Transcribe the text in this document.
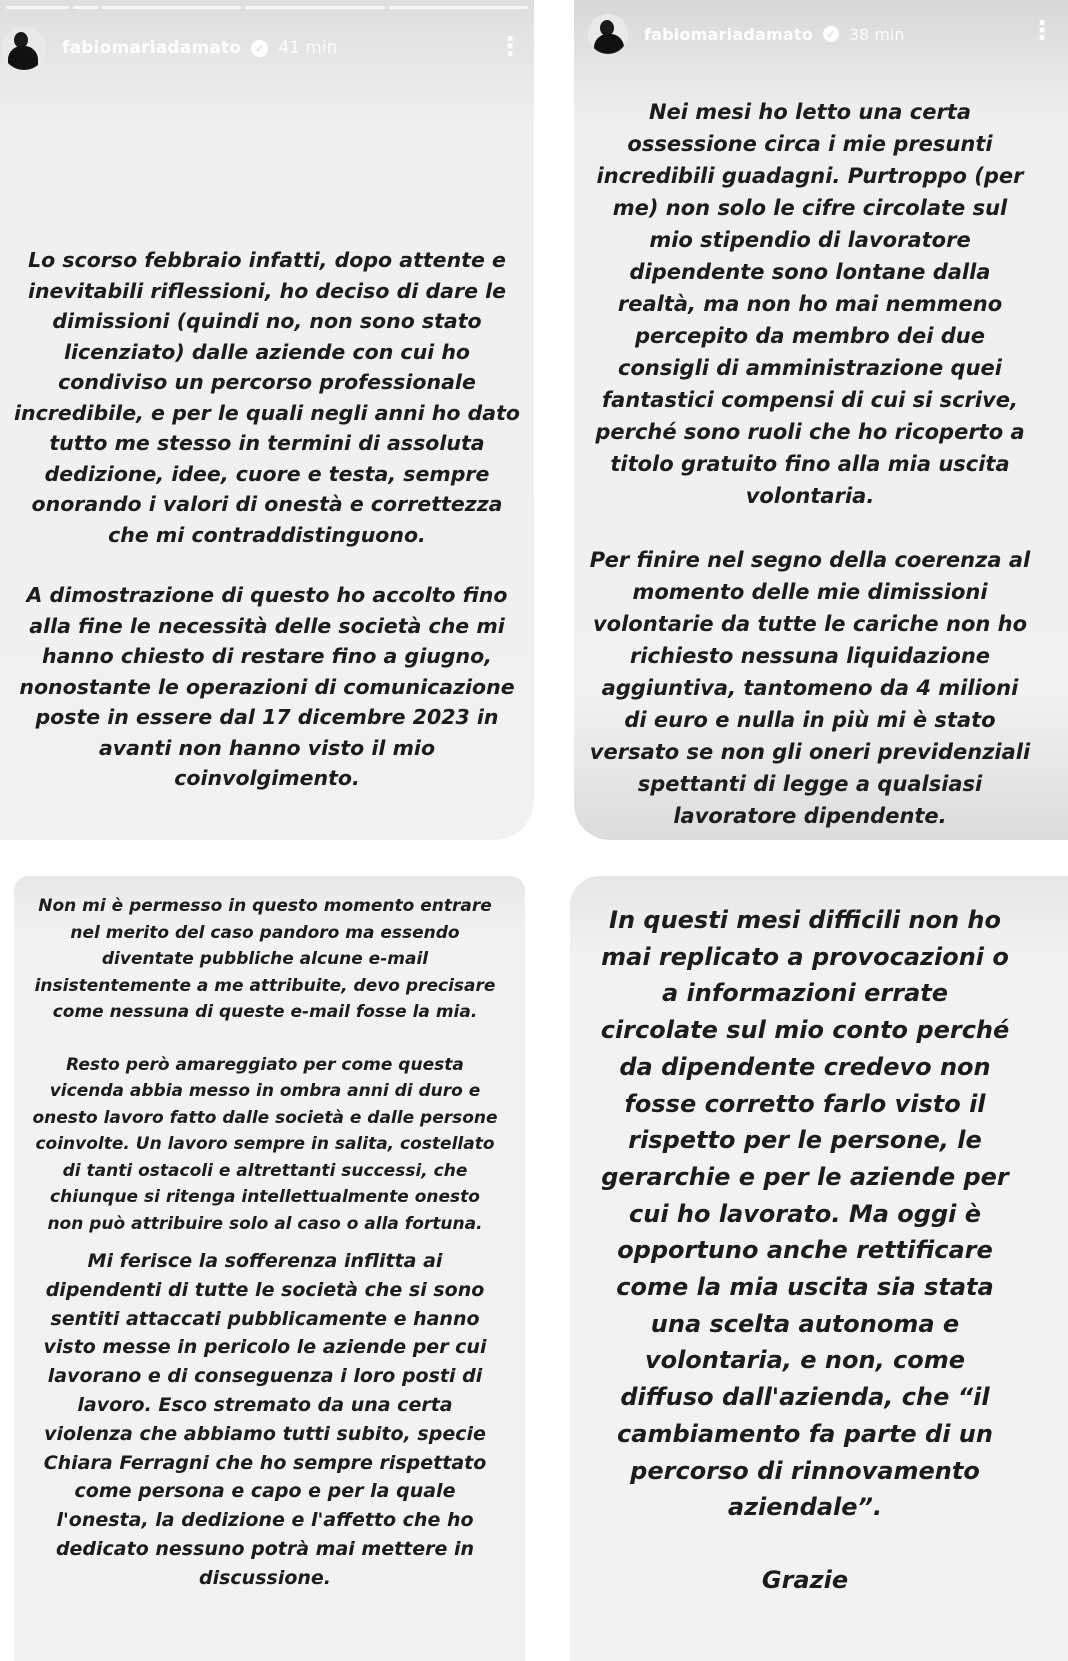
fabiomariadamato	✓ 41 min	⋮

Lo scorso febbraio infatti, dopo attente e inevitabili riflessioni, ho deciso di dare le dimissioni (quindi no, non sono stato licenziato) dalle aziende con cui ho condiviso un percorso professionale incredibile, e per le quali negli anni ho dato tutto me stesso in termini di assoluta dedizione, idee, cuore e testa, sempre onorando i valori di onestà e correttezza che mi contraddistinguono.

A dimostrazione di questo ho accolto fino alla fine le necessità delle società che mi hanno chiesto di restare fino a giugno, nonostante le operazioni di comunicazione poste in essere dal 17 dicembre 2023 in avanti non hanno visto il mio coinvolgimento.

fabiomariadamato	✓ 38 min	⋮

Nei mesi ho letto una certa ossessione circa i mie presunti incredibili guadagni. Purtroppo (per me) non solo le cifre circolate sul mio stipendio di lavoratore dipendente sono lontane dalla realtà, ma non ho mai nemmeno percepito da membro dei due consigli di amministrazione quei fantastici compensi di cui si scrive, perché sono ruoli che ho ricoperto a titolo gratuito fino alla mia uscita volontaria.

Per finire nel segno della coerenza al momento delle mie dimissioni volontarie da tutte le cariche non ho richiesto nessuna liquidazione aggiuntiva, tantomeno da 4 milioni di euro e nulla in più mi è stato versato se non gli oneri previdenziali spettanti di legge a qualsiasi lavoratore dipendente.

Non mi è permesso in questo momento entrare nel merito del caso pandoro ma essendo diventate pubbliche alcune e-mail insistentemente a me attribuite, devo precisare come nessuna di queste e-mail fosse la mia.

Resto però amareggiato per come questa vicenda abbia messo in ombra anni di duro e onesto lavoro fatto dalle società e dalle persone coinvolte. Un lavoro sempre in salita, costellato di tanti ostacoli e altrettanti successi, che chiunque si ritenga intellettualmente onesto non può attribuire solo al caso o alla fortuna.

Mi ferisce la sofferenza inflitta ai dipendenti di tutte le società che si sono sentiti attaccati pubblicamente e hanno visto messe in pericolo le aziende per cui lavorano e di conseguenza i loro posti di lavoro. Esco stremato da una certa violenza che abbiamo tutti subito, specie Chiara Ferragni che ho sempre rispettato come persona e capo e per la quale l'onesta, la dedizione e l'affetto che ho dedicato nessuno potrà mai mettere in discussione.

In questi mesi difficili non ho mai replicato a provocazioni o a informazioni errate circolate sul mio conto perché da dipendente credevo non fosse corretto farlo visto il rispetto per le persone, le gerarchie e per le aziende per cui ho lavorato. Ma oggi è opportuno anche rettificare come la mia uscita sia stata una scelta autonoma e volontaria, e non, come diffuso dall'azienda, che “il cambiamento fa parte di un percorso di rinnovamento aziendale”.

Grazie
